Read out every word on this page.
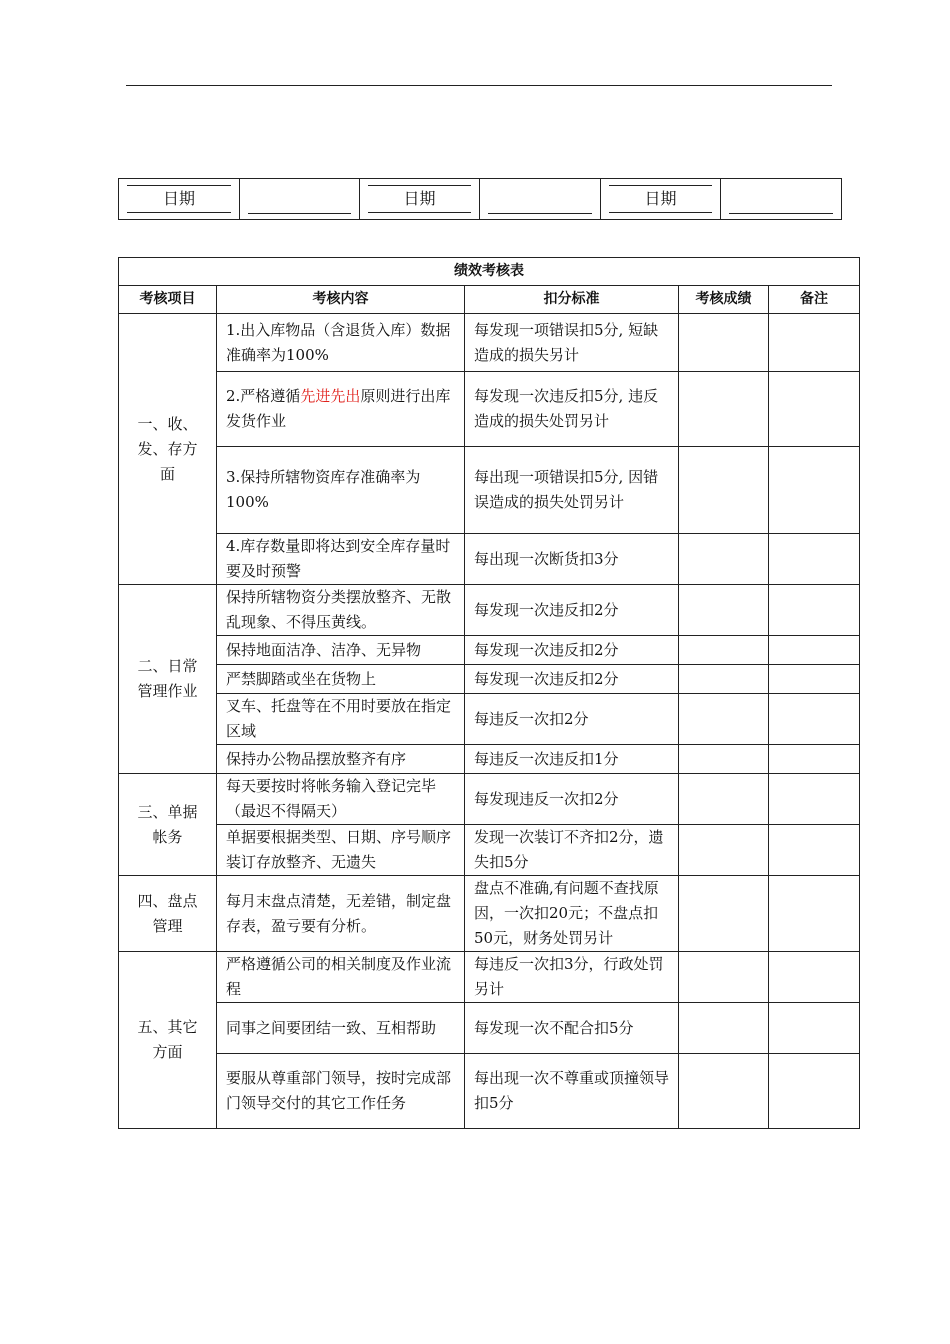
日期		日期		日期

绩效考核表				
考核项目	考核内容	扣分标准	考核成绩	备注
一、收、发、存方面	1.出入库物品（含退货入库）数据准确率为100%	每发现一项错误扣5分, 短缺造成的损失另计		
	2.严格遵循先进先出原则进行出库发货作业	每发现一次违反扣5分, 违反造成的损失处罚另计		
	3.保持所辖物资库存准确率为100%	每出现一项错误扣5分, 因错误造成的损失处罚另计		
	4.库存数量即将达到安全库存量时要及时预警	每出现一次断货扣3分		
二、日常管理作业	保持所辖物资分类摆放整齐、无散乱现象、不得压黄线。	每发现一次违反扣2分		
	保持地面洁净、洁净、无异物	每发现一次违反扣2分		
	严禁脚踏或坐在货物上	每发现一次违反扣2分		
	叉车、托盘等在不用时要放在指定区域	每违反一次扣2分		
	保持办公物品摆放整齐有序	每违反一次违反扣1分		
三、单据帐务	每天要按时将帐务输入登记完毕（最迟不得隔天）	每发现违反一次扣2分		
	单据要根据类型、日期、序号顺序装订存放整齐、无遗失	发现一次装订不齐扣2分，遗失扣5分		
四、盘点管理	每月末盘点清楚，无差错，制定盘存表，盈亏要有分析。	盘点不准确,有问题不查找原因，一次扣20元；不盘点扣50元，财务处罚另计		
五、其它方面	严格遵循公司的相关制度及作业流程	每违反一次扣3分，行政处罚另计		
	同事之间要团结一致、互相帮助	每发现一次不配合扣5分		
	要服从尊重部门领导，按时完成部门领导交付的其它工作任务	每出现一次不尊重或顶撞领导扣5分		
